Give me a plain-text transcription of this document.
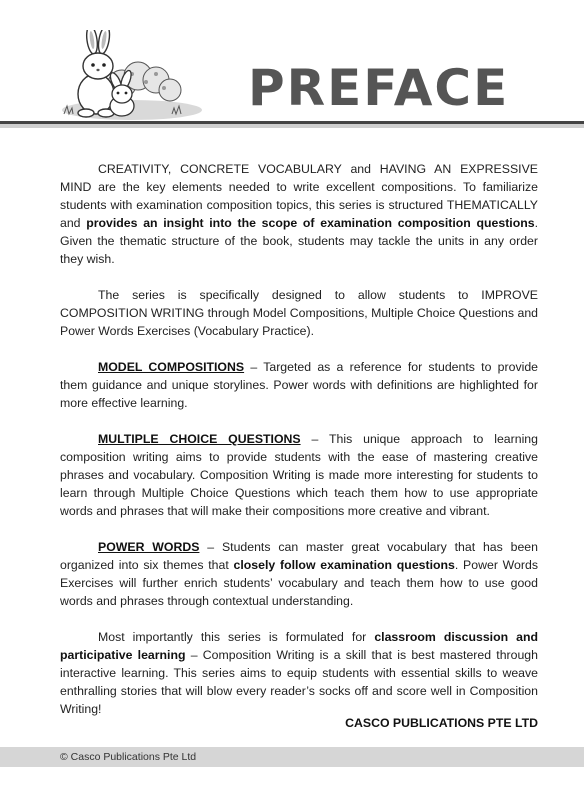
PREFACE

CREATIVITY, CONCRETE VOCABULARY and HAVING AN EXPRESSIVE MIND are the key elements needed to write excellent compositions. To familiarize students with examination composition topics, this series is structured THEMATICALLY and provides an insight into the scope of examination composition questions. Given the thematic structure of the book, students may tackle the units in any order they wish.

The series is specifically designed to allow students to IMPROVE COMPOSITION WRITING through Model Compositions, Multiple Choice Questions and Power Words Exercises (Vocabulary Practice).

MODEL COMPOSITIONS – Targeted as a reference for students to provide them guidance and unique storylines. Power words with definitions are highlighted for more effective learning.

MULTIPLE CHOICE QUESTIONS – This unique approach to learning composition writing aims to provide students with the ease of mastering creative phrases and vocabulary. Composition Writing is made more interesting for students to learn through Multiple Choice Questions which teach them how to use appropriate words and phrases that will make their compositions more creative and vibrant.

POWER WORDS – Students can master great vocabulary that has been organized into six themes that closely follow examination questions. Power Words Exercises will further enrich students’ vocabulary and teach them how to use good words and phrases through contextual understanding.

Most importantly this series is formulated for classroom discussion and participative learning – Composition Writing is a skill that is best mastered through interactive learning. This series aims to equip students with essential skills to weave enthralling stories that will blow every reader’s socks off and score well in Composition Writing!

CASCO PUBLICATIONS PTE LTD
© Casco Publications Pte Ltd
